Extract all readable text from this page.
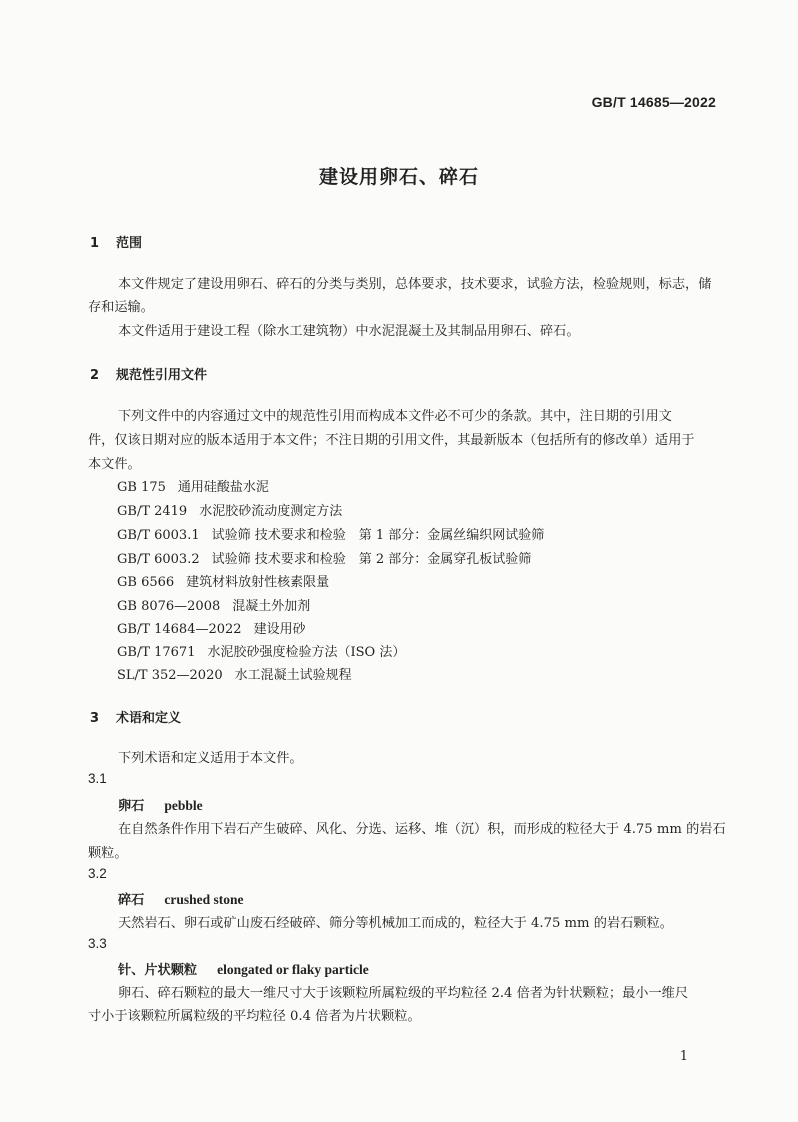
GB/T 14685—2022
建设用卵石、碎石
1 范围
本文件规定了建设用卵石、碎石的分类与类别，总体要求，技术要求，试验方法，检验规则，标志，储
存和运输。
本文件适用于建设工程（除水工建筑物）中水泥混凝土及其制品用卵石、碎石。
2 规范性引用文件
下列文件中的内容通过文中的规范性引用而构成本文件必不可少的条款。其中，注日期的引用文
件，仅该日期对应的版本适用于本文件；不注日期的引用文件，其最新版本（包括所有的修改单）适用于
本文件。
GB 175 通用硅酸盐水泥
GB/T 2419 水泥胶砂流动度测定方法
GB/T 6003.1 试验筛 技术要求和检验　第 1 部分：金属丝编织网试验筛
GB/T 6003.2 试验筛 技术要求和检验　第 2 部分：金属穿孔板试验筛
GB 6566 建筑材料放射性核素限量
GB 8076—2008 混凝土外加剂
GB/T 14684—2022 建设用砂
GB/T 17671 水泥胶砂强度检验方法（ISO 法）
SL/T 352—2020 水工混凝土试验规程
3 术语和定义
下列术语和定义适用于本文件。
3.1
卵石 pebble
在自然条件作用下岩石产生破碎、风化、分选、运移、堆（沉）积，而形成的粒径大于 4.75 mm 的岩石
颗粒。
3.2
碎石 crushed stone
天然岩石、卵石或矿山废石经破碎、筛分等机械加工而成的，粒径大于 4.75 mm 的岩石颗粒。
3.3
针、片状颗粒 elongated or flaky particle
卵石、碎石颗粒的最大一维尺寸大于该颗粒所属粒级的平均粒径 2.4 倍者为针状颗粒；最小一维尺
寸小于该颗粒所属粒级的平均粒径 0.4 倍者为片状颗粒。
1
